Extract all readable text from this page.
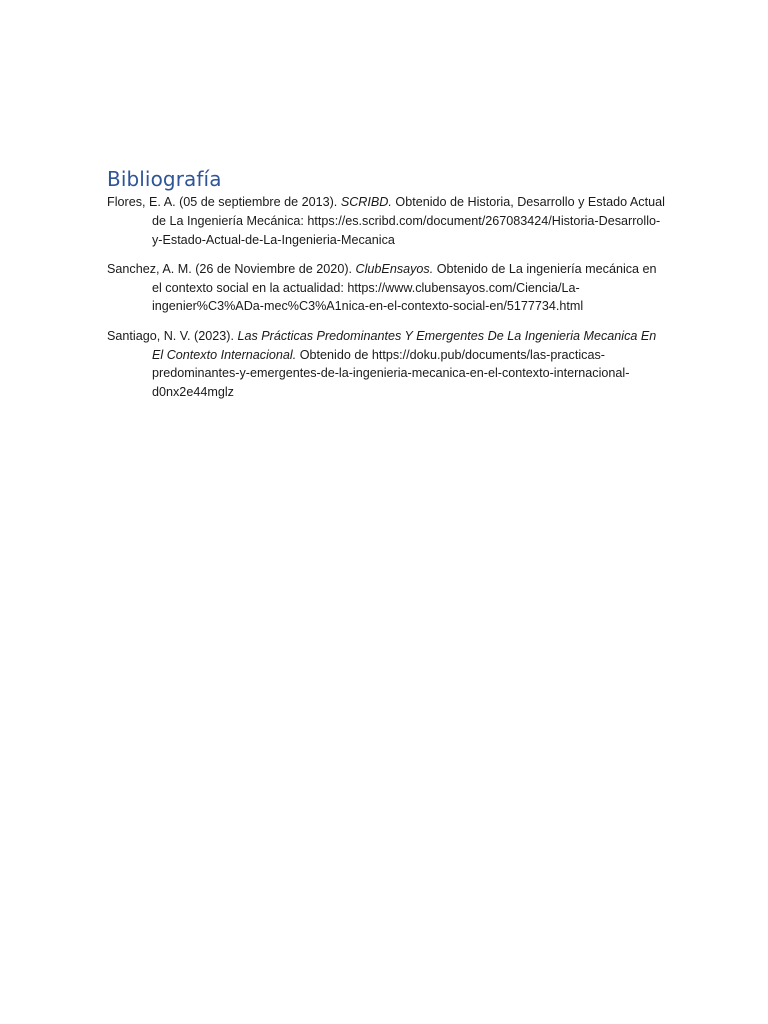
Bibliografía
Flores, E. A. (05 de septiembre de 2013). SCRIBD. Obtenido de Historia, Desarrollo y Estado Actual de La Ingeniería Mecánica: https://es.scribd.com/document/267083424/Historia-Desarrollo-y-Estado-Actual-de-La-Ingenieria-Mecanica
Sanchez, A. M. (26 de Noviembre de 2020). ClubEnsayos. Obtenido de La ingeniería mecánica en el contexto social en la actualidad: https://www.clubensayos.com/Ciencia/La-ingenier%C3%ADa-mec%C3%A1nica-en-el-contexto-social-en/5177734.html
Santiago, N. V. (2023). Las Prácticas Predominantes Y Emergentes De La Ingenieria Mecanica En El Contexto Internacional. Obtenido de https://doku.pub/documents/las-practicas-predominantes-y-emergentes-de-la-ingenieria-mecanica-en-el-contexto-internacional-d0nx2e44mglz
